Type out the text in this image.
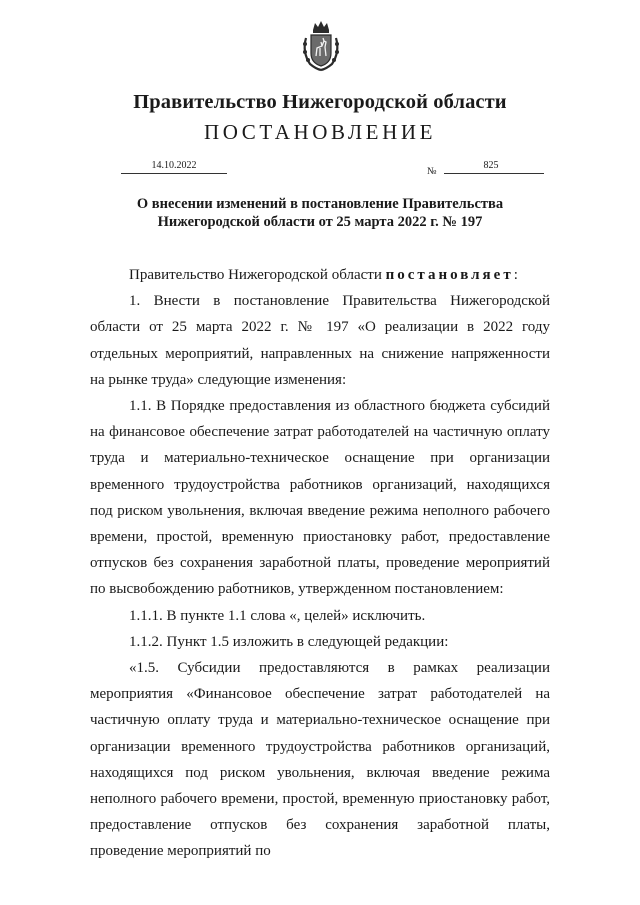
Правительство Нижегородской области
ПОСТАНОВЛЕНИЕ
14.10.2022
№
825
О внесении изменений в постановление Правительства
Нижегородской области от 25 марта 2022 г. № 197

Правительство Нижегородской области постановляет:

1. Внести в постановление Правительства Нижегородской области от 25 марта 2022 г. № 197 «О реализации в 2022 году отдельных мероприятий, направленных на снижение напряженности на рынке труда» следующие изменения:

1.1. В Порядке предоставления из областного бюджета субсидий на финансовое обеспечение затрат работодателей на частичную оплату труда и материально-техническое оснащение при организации временного трудоустройства работников организаций, находящихся под риском увольнения, включая введение режима неполного рабочего времени, простой, временную приостановку работ, предоставление отпусков без сохранения заработной платы, проведение мероприятий по высвобождению работников, утвержденном постановлением:

1.1.1. В пункте 1.1 слова «, целей» исключить.

1.1.2. Пункт 1.5 изложить в следующей редакции:

«1.5. Субсидии предоставляются в рамках реализации мероприятия «Финансовое обеспечение затрат работодателей на частичную оплату труда и материально-техническое оснащение при организации временного трудоустройства работников организаций, находящихся под риском увольнения, включая введение режима неполного рабочего времени, простой, временную приостановку работ, предоставление отпусков без сохранения заработной платы, проведение мероприятий по
